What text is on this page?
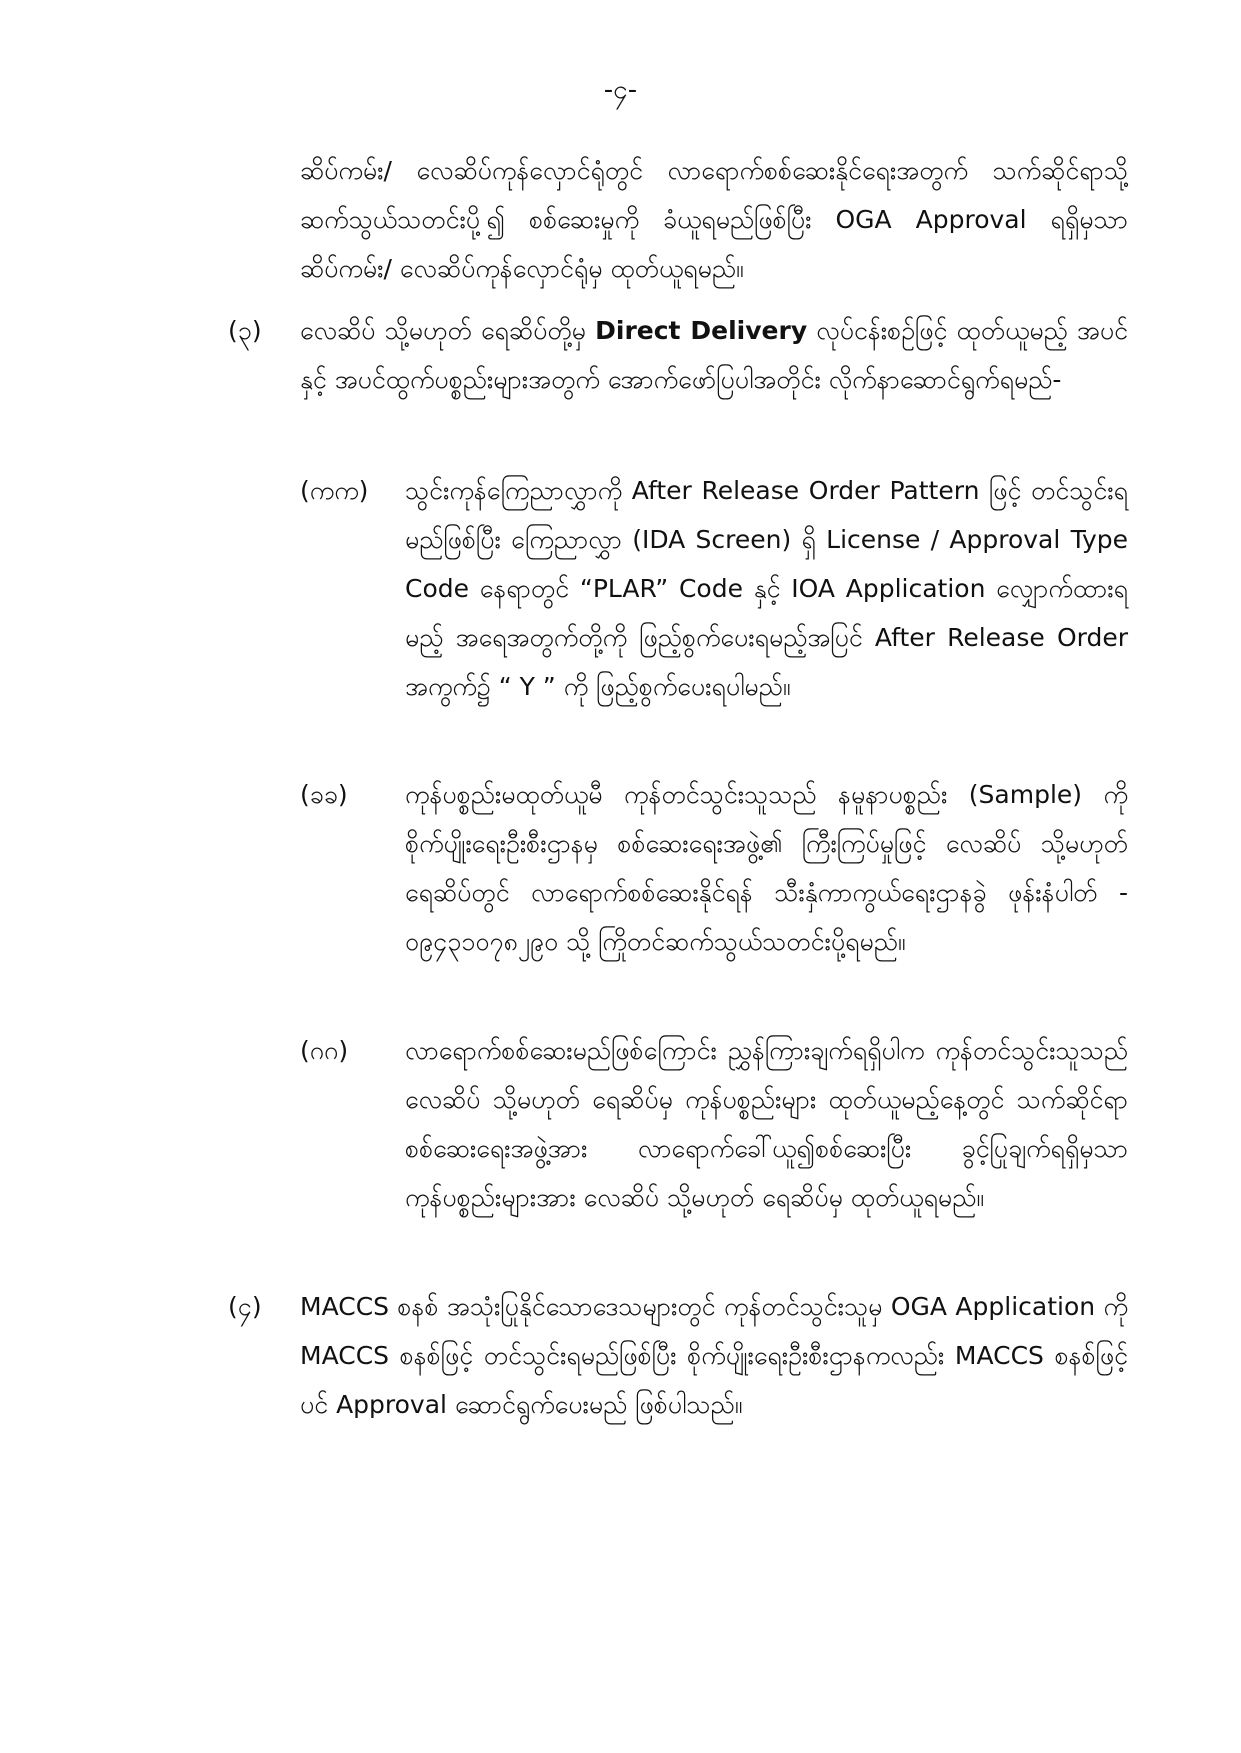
-၄-
ဆိပ်ကမ်း/ လေဆိပ်ကုန်လှောင်ရုံတွင် လာရောက်စစ်ဆေးနိုင်ရေးအတွက် သက်ဆိုင်ရာသို့ ဆက်သွယ်သတင်းပို့၍ စစ်ဆေးမှုကို ခံယူရမည်ဖြစ်ပြီး OGA Approval ရရှိမှသာ ဆိပ်ကမ်း/ လေဆိပ်ကုန်လှောင်ရုံမှ ထုတ်ယူရမည်။
(၃) လေဆိပ် သို့မဟုတ် ရေဆိပ်တို့မှ Direct Delivery လုပ်ငန်းစဉ်ဖြင့် ထုတ်ယူမည့် အပင်နှင့် အပင်ထွက်ပစ္စည်းများအတွက် အောက်ဖော်ပြပါအတိုင်း လိုက်နာဆောင်ရွက်ရမည်-
(ကက) သွင်းကုန်ကြေညာလွှာကို After Release Order Pattern ဖြင့် တင်သွင်းရမည်ဖြစ်ပြီး ကြေညာလွှာ (IDA Screen) ရှိ License / Approval Type Code နေရာတွင် “PLAR” Code နှင့် IOA Application လျှောက်ထားရမည့် အရေအတွက်တို့ကို ဖြည့်စွက်ပေးရမည့်အပြင် After Release Order အကွက်၌ “ Y ” ကို ဖြည့်စွက်ပေးရပါမည်။
(ခခ) ကုန်ပစ္စည်းမထုတ်ယူမီ ကုန်တင်သွင်းသူသည် နမူနာပစ္စည်း (Sample) ကို စိုက်ပျိုးရေးဦးစီးဌာနမှ စစ်ဆေးရေးအဖွဲ့၏ ကြီးကြပ်မှုဖြင့် လေဆိပ် သို့မဟုတ် ရေဆိပ်တွင် လာရောက်စစ်ဆေးနိုင်ရန် သီးနှံကာကွယ်ရေးဌာနခွဲ ဖုန်းနံပါတ် - ၀၉၄၃၁၀၇၈၂၉၀ သို့ ကြိုတင်ဆက်သွယ်သတင်းပို့ရမည်။
(ဂဂ) လာရောက်စစ်ဆေးမည်ဖြစ်ကြောင်း ညွှန်ကြားချက်ရရှိပါက ကုန်တင်သွင်းသူသည် လေဆိပ် သို့မဟုတ် ရေဆိပ်မှ ကုန်ပစ္စည်းများ ထုတ်ယူမည့်နေ့တွင် သက်ဆိုင်ရာစစ်ဆေးရေးအဖွဲ့အား လာရောက်ခေါ်ယူ၍စစ်ဆေးပြီး ခွင့်ပြုချက်ရရှိမှသာ ကုန်ပစ္စည်းများအား လေဆိပ် သို့မဟုတ် ရေဆိပ်မှ ထုတ်ယူရမည်။
(၄) MACCS စနစ် အသုံးပြုနိုင်သောဒေသများတွင် ကုန်တင်သွင်းသူမှ OGA Application ကို MACCS စနစ်ဖြင့် တင်သွင်းရမည်ဖြစ်ပြီး စိုက်ပျိုးရေးဦးစီးဌာနကလည်း MACCS စနစ်ဖြင့်ပင် Approval ဆောင်ရွက်ပေးမည် ဖြစ်ပါသည်။
